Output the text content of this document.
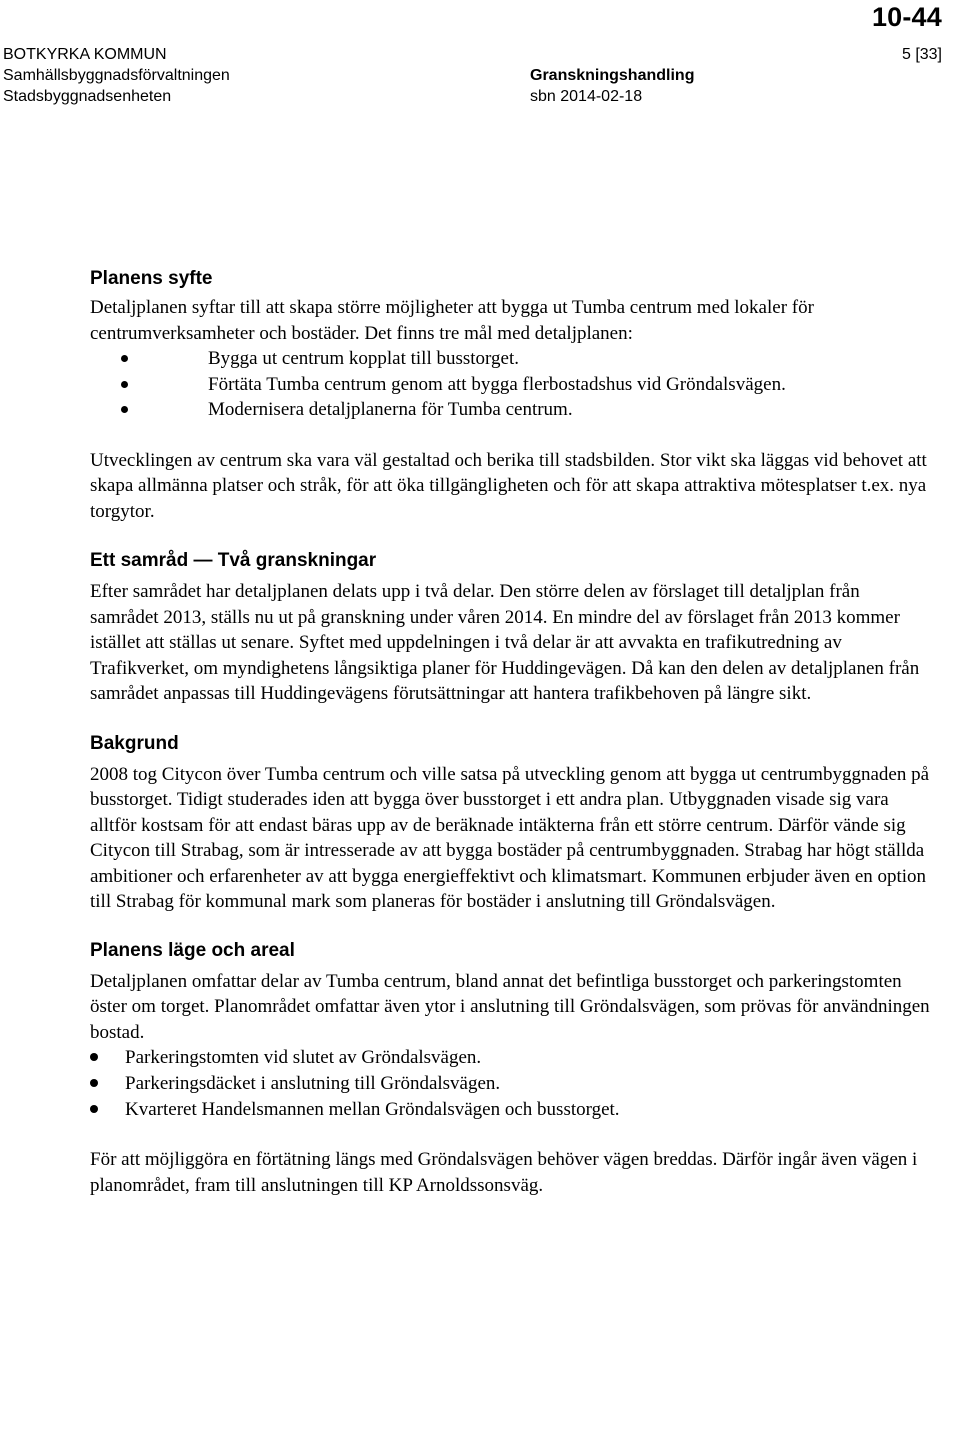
10-44
BOTKYRKA KOMMUN
Samhällsbyggnadsförvaltningen
Stadsbyggnadsenheten
Granskningshandling
sbn 2014-02-18
5 [33]
Planens syfte

Detaljplanen syftar till att skapa större möjligheter att bygga ut Tumba centrum med lokaler för centrumverksamheter och bostäder. Det finns tre mål med detaljplanen:

Bygga ut centrum kopplat till busstorget.
Förtäta Tumba centrum genom att bygga flerbostadshus vid Gröndalsvägen.
Modernisera detaljplanerna för Tumba centrum.

Utvecklingen av centrum ska vara väl gestaltad och berika till stadsbilden. Stor vikt ska läggas vid behovet att skapa allmänna platser och stråk, för att öka tillgängligheten och för att skapa attraktiva mötesplatser t.ex. nya torgytor.

Ett samråd — Två granskningar

Efter samrådet har detaljplanen delats upp i två delar. Den större delen av förslaget till detaljplan från samrådet 2013, ställs nu ut på granskning under våren 2014. En mindre del av förslaget från 2013 kommer istället att ställas ut senare. Syftet med uppdelningen i två delar är att avvakta en trafikutredning av Trafikverket, om myndighetens långsiktiga planer för Huddingevägen. Då kan den delen av detaljplanen från samrådet anpassas till Huddingevägens förutsättningar att hantera trafikbehoven på längre sikt.

Bakgrund

2008 tog Citycon över Tumba centrum och ville satsa på utveckling genom att bygga ut centrumbyggnaden på busstorget. Tidigt studerades iden att bygga över busstorget i ett andra plan. Utbyggnaden visade sig vara alltför kostsam för att endast bäras upp av de beräknade intäkterna från ett större centrum. Därför vände sig Citycon till Strabag, som är intresserade av att bygga bostäder på centrumbyggnaden. Strabag har högt ställda ambitioner och erfarenheter av att bygga energieffektivt och klimatsmart. Kommunen erbjuder även en option till Strabag för kommunal mark som planeras för bostäder i anslutning till Gröndalsvägen.

Planens läge och areal

Detaljplanen omfattar delar av Tumba centrum, bland annat det befintliga busstorget och parkeringstomten öster om torget. Planområdet omfattar även ytor i anslutning till Gröndalsvägen, som prövas för användningen bostad.

Parkeringstomten vid slutet av Gröndalsvägen.
Parkeringsdäcket i anslutning till Gröndalsvägen.
Kvarteret Handelsmannen mellan Gröndalsvägen och busstorget.

För att möjliggöra en förtätning längs med Gröndalsvägen behöver vägen breddas. Därför ingår även vägen i planområdet, fram till anslutningen till KP Arnoldssonsväg.
